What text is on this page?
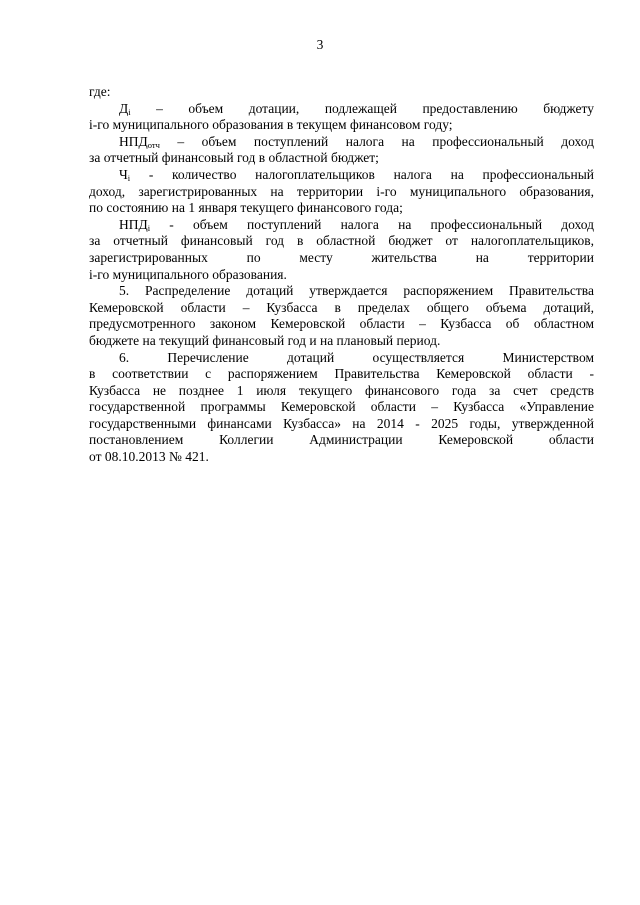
3
где:
$Д_i$ – объем дотации, подлежащей предоставлению бюджету
i-го муниципального образования в текущем финансовом году;
$НПД_{отч}$ – объем поступлений налога на профессиональный доход
за отчетный финансовый год в областной бюджет;
$Ч_i$ - количество налогоплательщиков налога на профессиональный
доход, зарегистрированных на территории i-го муниципального образования,
по состоянию на 1 января текущего финансового года;
$НПД_i$ - объем поступлений налога на профессиональный доход
за отчетный финансовый год в областной бюджет от налогоплательщиков,
зарегистрированных по месту жительства на территории
i-го муниципального образования.
5. Распределение дотаций утверждается распоряжением Правительства
Кемеровской области – Кузбасса в пределах общего объема дотаций,
предусмотренного законом Кемеровской области – Кузбасса об областном
бюджете на текущий финансовый год и на плановый период.
6. Перечисление дотаций осуществляется Министерством
в соответствии с распоряжением Правительства Кемеровской области -
Кузбасса не позднее 1 июля текущего финансового года за счет средств
государственной программы Кемеровской области – Кузбасса «Управление
государственными финансами Кузбасса» на 2014 - 2025 годы, утвержденной
постановлением Коллегии Администрации Кемеровской области
от 08.10.2013 № 421.
